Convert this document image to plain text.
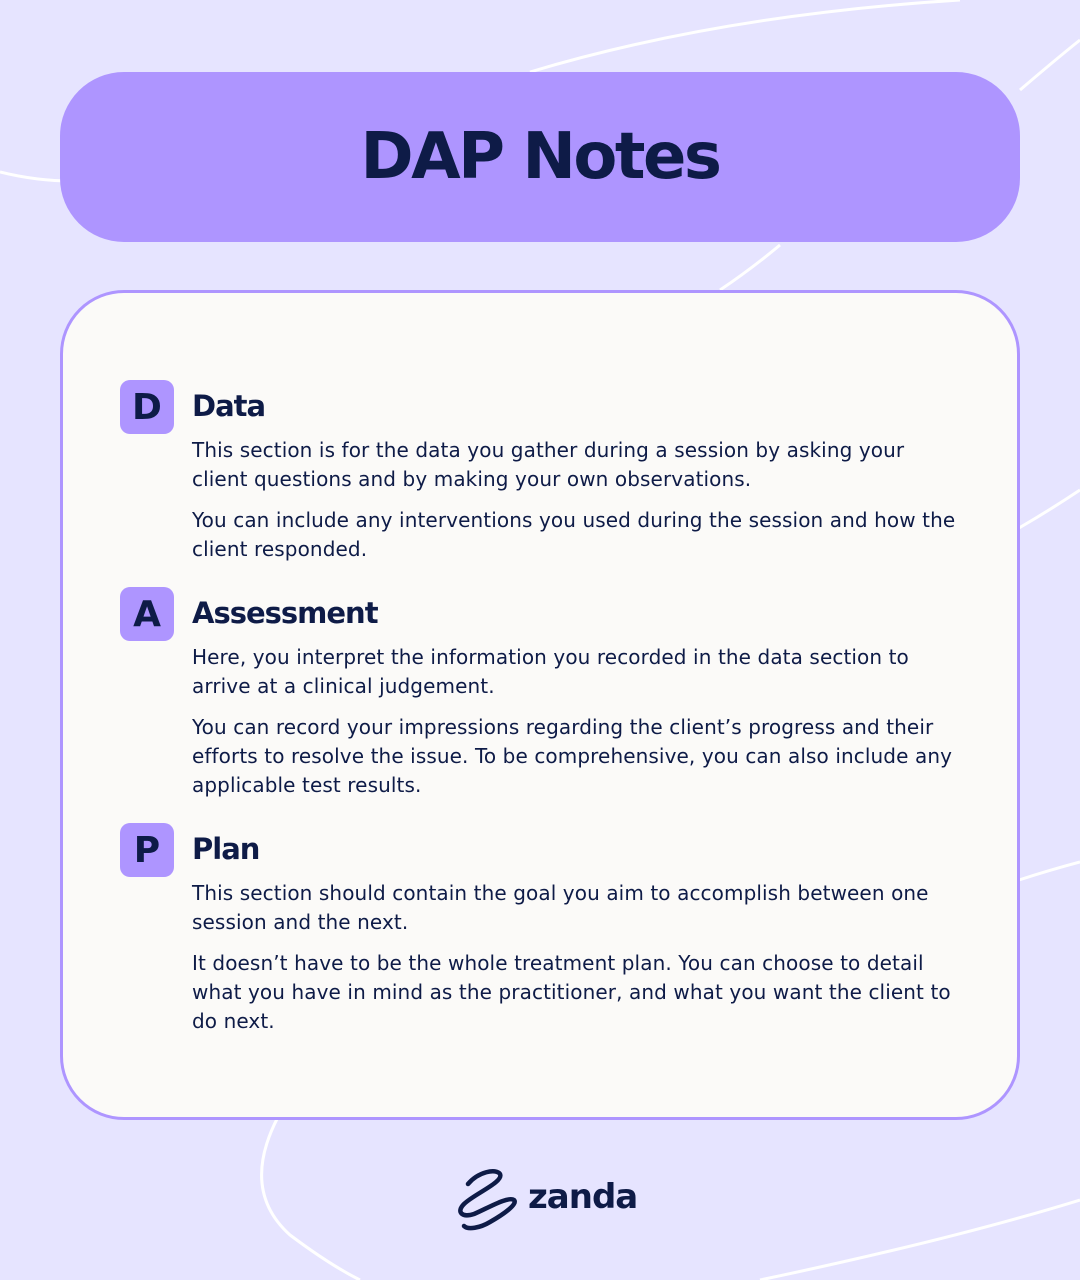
DAP Notes
D	Data

This section is for the data you gather during a session by asking your client questions and by making your own observations.

You can include any interventions you used during the session and how the client responded.

A	Assessment

Here, you interpret the information you recorded in the data section to arrive at a clinical judgement.

You can record your impressions regarding the client’s progress and their efforts to resolve the issue. To be comprehensive, you can also include any applicable test results.

P	Plan

This section should contain the goal you aim to accomplish between one session and the next.

It doesn’t have to be the whole treatment plan. You can choose to detail what you have in mind as the practitioner, and what you want the client to do next.

zanda
